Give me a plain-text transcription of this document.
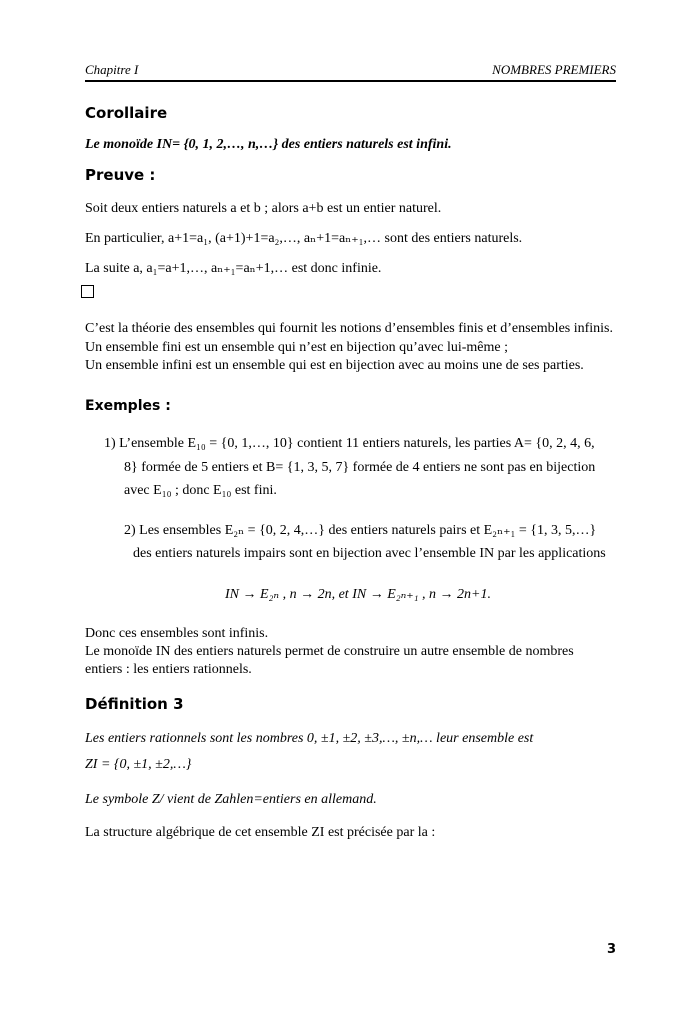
Chapitre I	NOMBRES PREMIERS
Corollaire
Le monoïde IN= {0, 1, 2,…, n,…} des entiers naturels est infini.
Preuve :
Soit deux entiers naturels a et b ; alors a+b est un entier naturel.
En particulier, a+1=a₁, (a+1)+1=a₂,…, aₙ+1=aₙ₊₁,… sont des entiers naturels.
La suite a, a₁=a+1,…, aₙ₊₁=aₙ+1,… est donc infinie.
C’est la théorie des ensembles qui fournit les notions d’ensembles finis et d’ensembles infinis.
Un ensemble fini est un ensemble qui n’est en bijection qu’avec lui-même ;
Un ensemble infini est un ensemble qui est en bijection avec au moins une de ses parties.
Exemples :
1) L’ensemble E₁₀ = {0, 1,…, 10} contient 11 entiers naturels, les parties A= {0, 2, 4, 6,
8} formée de 5 entiers et B= {1, 3, 5, 7} formée de 4 entiers ne sont pas en bijection
avec E₁₀ ; donc E₁₀ est fini.
2) Les ensembles E₂ₙ = {0, 2, 4,…} des entiers naturels pairs et E₂ₙ₊₁ = {1, 3, 5,…}
des entiers naturels impairs sont en bijection avec l’ensemble IN par les applications
IN → E₂ₙ , n → 2n, et IN → E₂ₙ₊₁ , n → 2n+1.
Donc ces ensembles sont infinis.
Le monoïde IN des entiers naturels permet de construire un autre ensemble de nombres
entiers : les entiers rationnels.
Définition 3
Les entiers rationnels sont les nombres 0, ±1, ±2, ±3,…, ±n,… leur ensemble est
ZI = {0, ±1, ±2,…}
Le symbole Z/ vient de Zahlen=entiers en allemand.
La structure algébrique de cet ensemble ZI est précisée par la :
3
